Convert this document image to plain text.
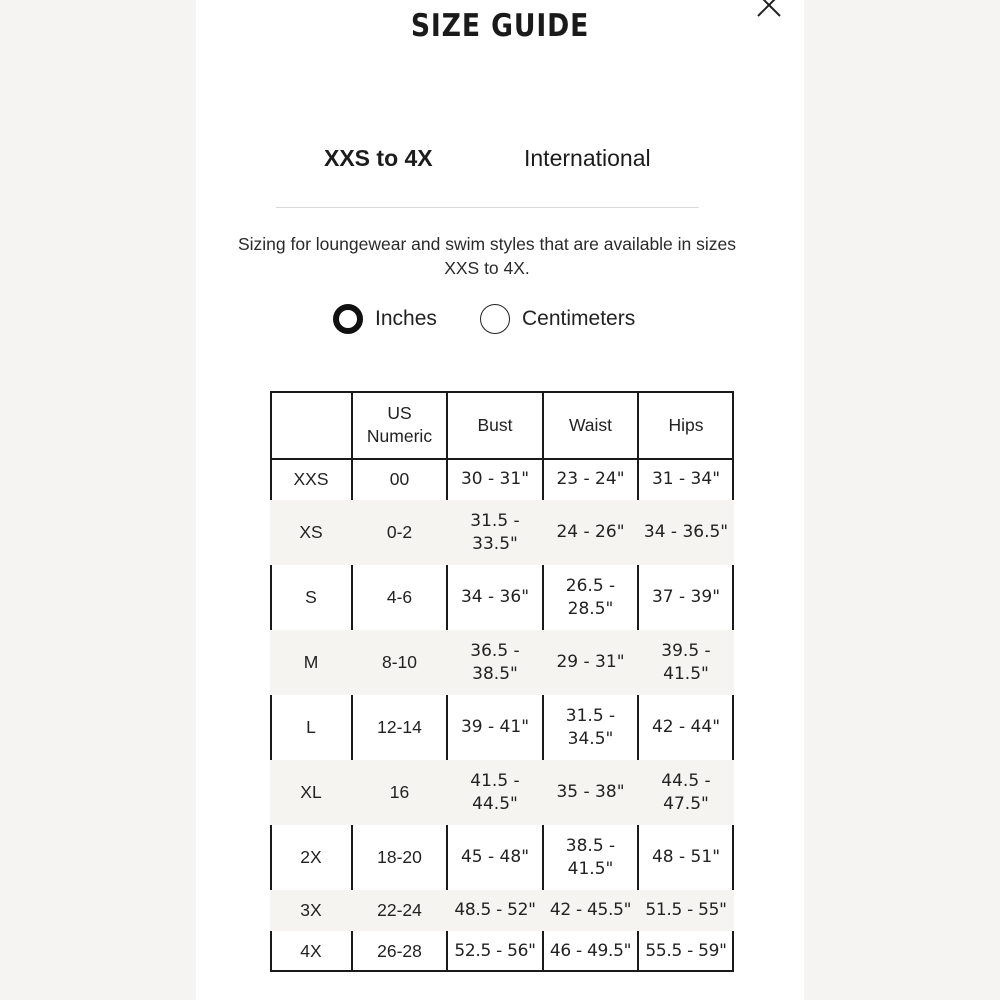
SIZE GUIDE
XXS to 4X	International
Sizing for loungewear and swim styles that are available in sizes XXS to 4X.
Inches	Centimeters
	US Numeric	Bust	Waist	Hips
XXS	00	30 - 31"	23 - 24"	31 - 34"
XS	0-2	31.5 - 33.5"	24 - 26"	34 - 36.5"
S	4-6	34 - 36"	26.5 - 28.5"	37 - 39"
M	8-10	36.5 - 38.5"	29 - 31"	39.5 - 41.5"
L	12-14	39 - 41"	31.5 - 34.5"	42 - 44"
XL	16	41.5 - 44.5"	35 - 38"	44.5 - 47.5"
2X	18-20	45 - 48"	38.5 - 41.5"	48 - 51"
3X	22-24	48.5 - 52"	42 - 45.5"	51.5 - 55"
4X	26-28	52.5 - 56"	46 - 49.5"	55.5 - 59"
